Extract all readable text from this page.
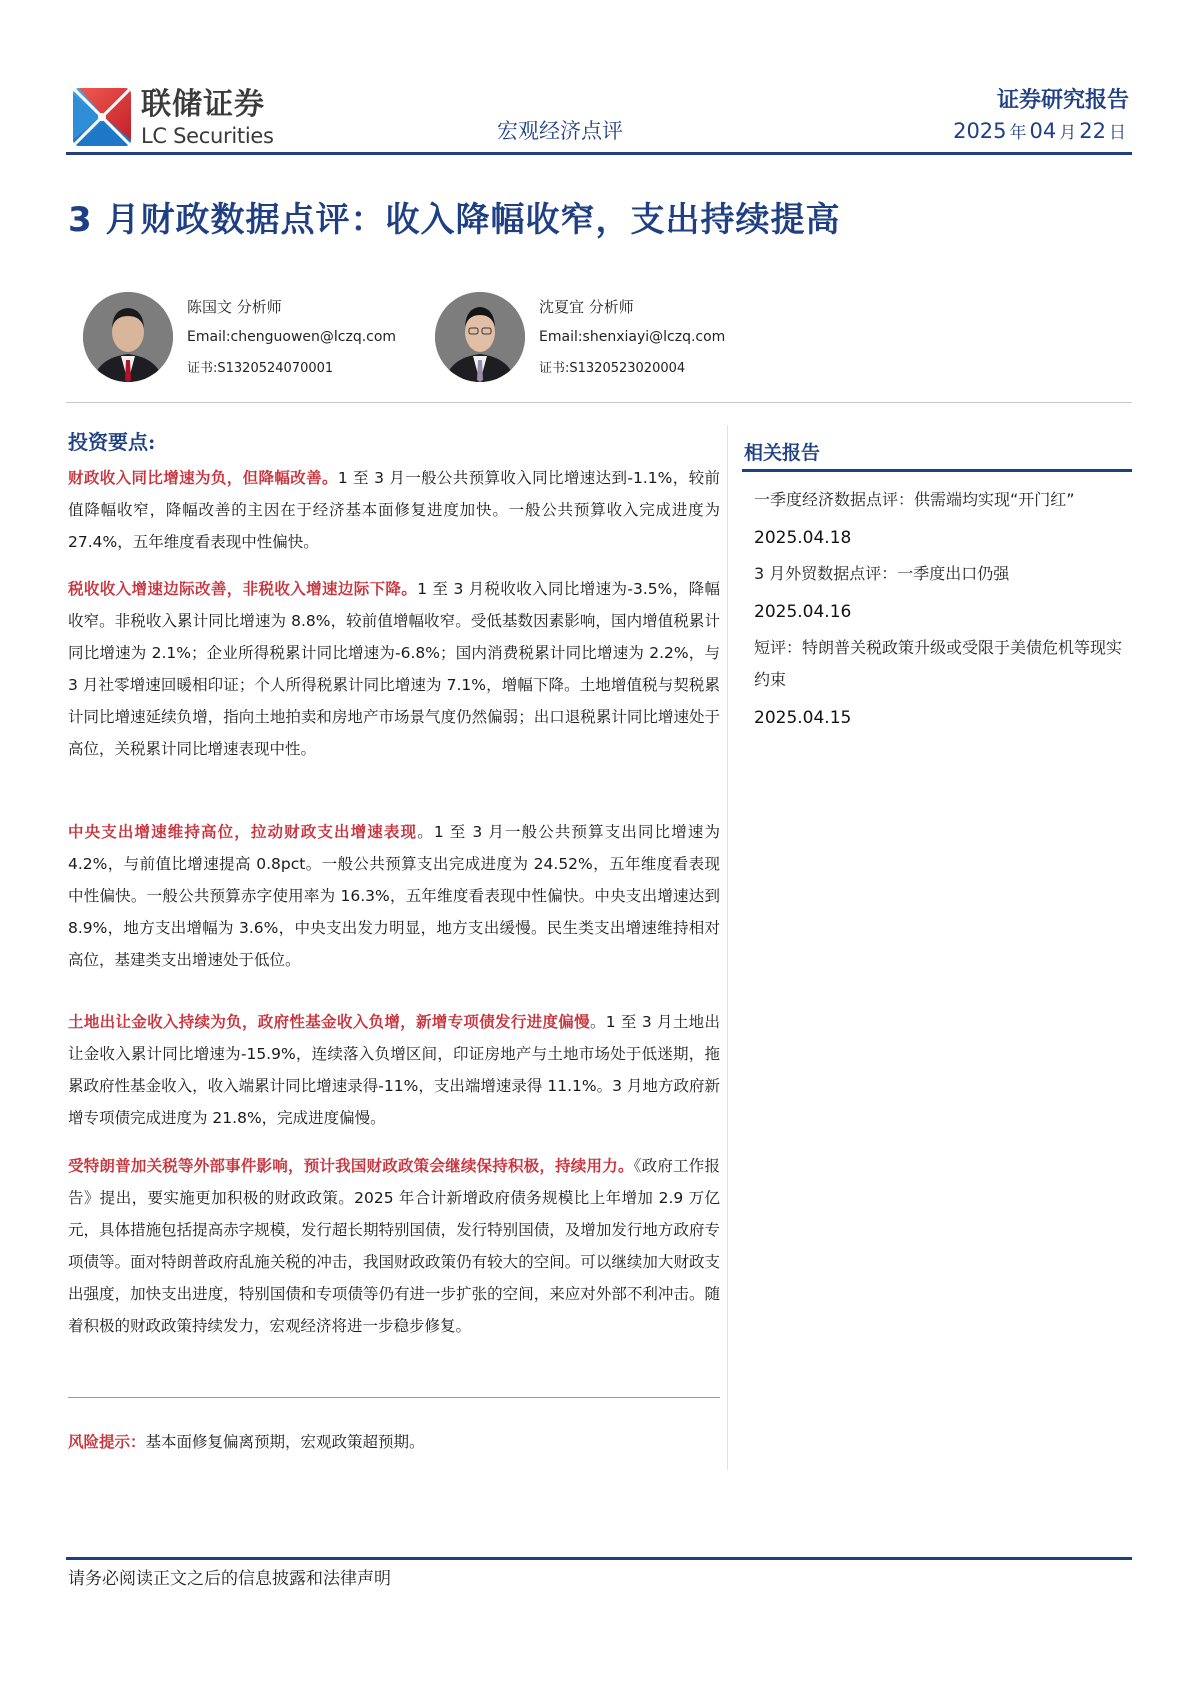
联储证券
LC Securities	宏观经济点评
证券研究报告
2025 年 04 月 22 日
3 月财政数据点评：收入降幅收窄，支出持续提高
陈国文 分析师
Email:chenguowen@lczq.com
证书:S1320524070001
沈夏宜 分析师
Email:shenxiayi@lczq.com
证书:S1320523020004
投资要点:
财政收入同比增速为负，但降幅改善。1 至 3 月一般公共预算收入同比增速达到-1.1%，较前值降幅收窄，降幅改善的主因在于经济基本面修复进度加快。一般公共预算收入完成进度为 27.4%，五年维度看表现中性偏快。
税收收入增速边际改善，非税收入增速边际下降。1 至 3 月税收收入同比增速为-3.5%，降幅收窄。非税收入累计同比增速为 8.8%，较前值增幅收窄。受低基数因素影响，国内增值税累计同比增速为 2.1%；企业所得税累计同比增速为-6.8%；国内消费税累计同比增速为 2.2%，与 3 月社零增速回暖相印证；个人所得税累计同比增速为 7.1%，增幅下降。土地增值税与契税累计同比增速延续负增，指向土地拍卖和房地产市场景气度仍然偏弱；出口退税累计同比增速处于高位，关税累计同比增速表现中性。
中央支出增速维持高位，拉动财政支出增速表现。1 至 3 月一般公共预算支出同比增速为 4.2%，与前值比增速提高 0.8pct。一般公共预算支出完成进度为 24.52%，五年维度看表现中性偏快。一般公共预算赤字使用率为 16.3%，五年维度看表现中性偏快。中央支出增速达到 8.9%，地方支出增幅为 3.6%，中央支出发力明显，地方支出缓慢。民生类支出增速维持相对高位，基建类支出增速处于低位。
土地出让金收入持续为负，政府性基金收入负增，新增专项债发行进度偏慢。1 至 3 月土地出让金收入累计同比增速为-15.9%，连续落入负增区间，印证房地产与土地市场处于低迷期，拖累政府性基金收入，收入端累计同比增速录得-11%，支出端增速录得 11.1%。3 月地方政府新增专项债完成进度为 21.8%，完成进度偏慢。
受特朗普加关税等外部事件影响，预计我国财政政策会继续保持积极，持续用力。《政府工作报告》提出，要实施更加积极的财政政策。2025 年合计新增政府债务规模比上年增加 2.9 万亿元，具体措施包括提高赤字规模，发行超长期特别国债，发行特别国债，及增加发行地方政府专项债等。面对特朗普政府乱施关税的冲击，我国财政政策仍有较大的空间。可以继续加大财政支出强度，加快支出进度，特别国债和专项债等仍有进一步扩张的空间，来应对外部不利冲击。随着积极的财政政策持续发力，宏观经济将进一步稳步修复。
风险提示：基本面修复偏离预期，宏观政策超预期。
相关报告
一季度经济数据点评：供需端均实现“开门红”
2025.04.18
3 月外贸数据点评：一季度出口仍强
2025.04.16
短评：特朗普关税政策升级或受限于美债危机等现实约束
2025.04.15
请务必阅读正文之后的信息披露和法律声明
